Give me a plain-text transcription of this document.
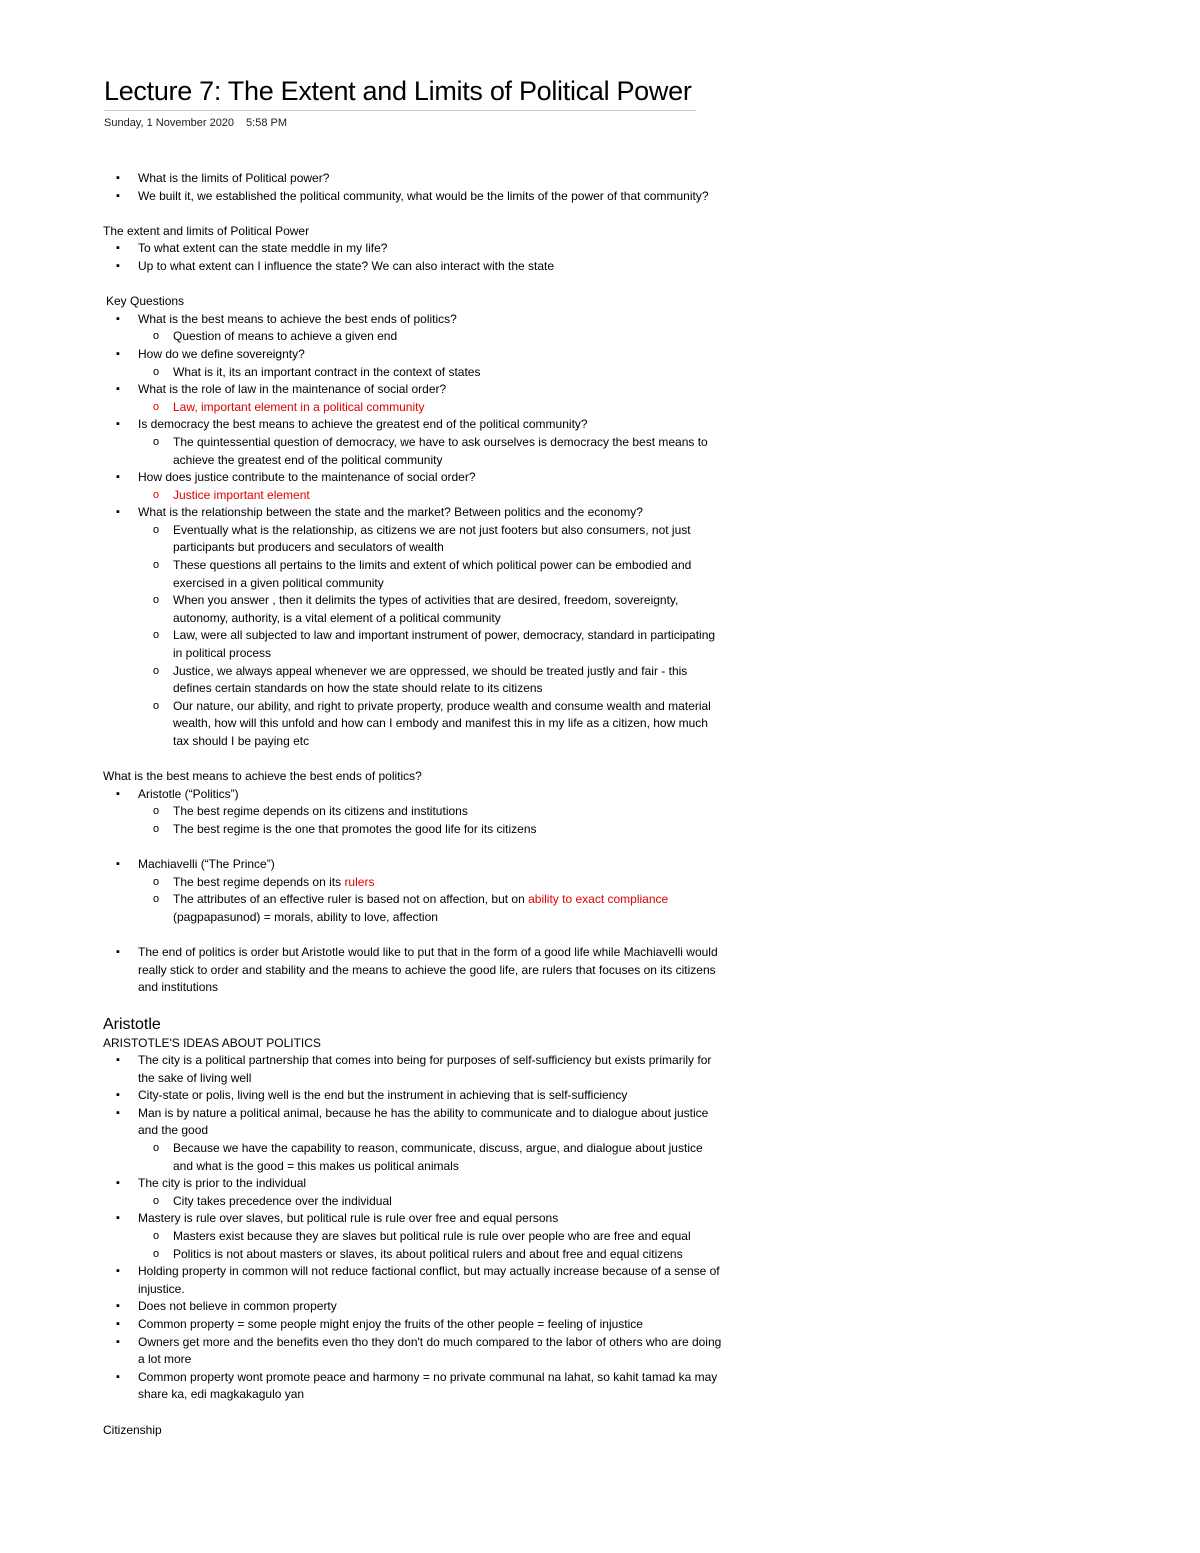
Lecture 7: The Extent and Limits of Political Power
Sunday, 1 November 2020 5:58 PM
▪ What is the limits of Political power?
▪ We built it, we established the political community, what would be the limits of the power of that community?

The extent and limits of Political Power

▪ To what extent can the state meddle in my life?
▪ Up to what extent can I influence the state? We can also interact with the state

Key Questions

▪ What is the best means to achieve the best ends of politics?
o Question of means to achieve a given end
▪ How do we define sovereignty?
o What is it, its an important contract in the context of states
▪ What is the role of law in the maintenance of social order?
o Law, important element in a political community
▪ Is democracy the best means to achieve the greatest end of the political community?
o The quintessential question of democracy, we have to ask ourselves is democracy the best means to achieve the greatest end of the political community
▪ How does justice contribute to the maintenance of social order?
o Justice important element
▪ What is the relationship between the state and the market? Between politics and the economy?
o Eventually what is the relationship, as citizens we are not just footers but also consumers, not just participants but producers and seculators of wealth
o These questions all pertains to the limits and extent of which political power can be embodied and exercised in a given political community
o When you answer , then it delimits the types of activities that are desired, freedom, sovereignty, autonomy, authority, is a vital element of a political community
o Law, were all subjected to law and important instrument of power, democracy, standard in participating in political process
o Justice, we always appeal whenever we are oppressed, we should be treated justly and fair - this defines certain standards on how the state should relate to its citizens
o Our nature, our ability, and right to private property, produce wealth and consume wealth and material wealth, how will this unfold and how can I embody and manifest this in my life as a citizen, how much tax should I be paying etc

What is the best means to achieve the best ends of politics?

▪ Aristotle (“Politics”)
o The best regime depends on its citizens and institutions
o The best regime is the one that promotes the good life for its citizens
▪ Machiavelli (“The Prince”)
o The best regime depends on its rulers
o The attributes of an effective ruler is based not on affection, but on ability to exact compliance (pagpapasunod) = morals, ability to love, affection
▪ The end of politics is order but Aristotle would like to put that in the form of a good life while Machiavelli would really stick to order and stability and the means to achieve the good life, are rulers that focuses on its citizens and institutions

Aristotle

ARISTOTLE'S IDEAS ABOUT POLITICS

▪ The city is a political partnership that comes into being for purposes of self-sufficiency but exists primarily for the sake of living well
▪ City-state or polis, living well is the end but the instrument in achieving that is self-sufficiency
▪ Man is by nature a political animal, because he has the ability to communicate and to dialogue about justice and the good
o Because we have the capability to reason, communicate, discuss, argue, and dialogue about justice and what is the good = this makes us political animals
▪ The city is prior to the individual
o City takes precedence over the individual
▪ Mastery is rule over slaves, but political rule is rule over free and equal persons
o Masters exist because they are slaves but political rule is rule over people who are free and equal
o Politics is not about masters or slaves, its about political rulers and about free and equal citizens
▪ Holding property in common will not reduce factional conflict, but may actually increase because of a sense of injustice.
▪ Does not believe in common property
▪ Common property = some people might enjoy the fruits of the other people = feeling of injustice
▪ Owners get more and the benefits even tho they don't do much compared to the labor of others who are doing a lot more
▪ Common property wont promote peace and harmony = no private communal na lahat, so kahit tamad ka may share ka, edi magkakagulo yan

Citizenship
